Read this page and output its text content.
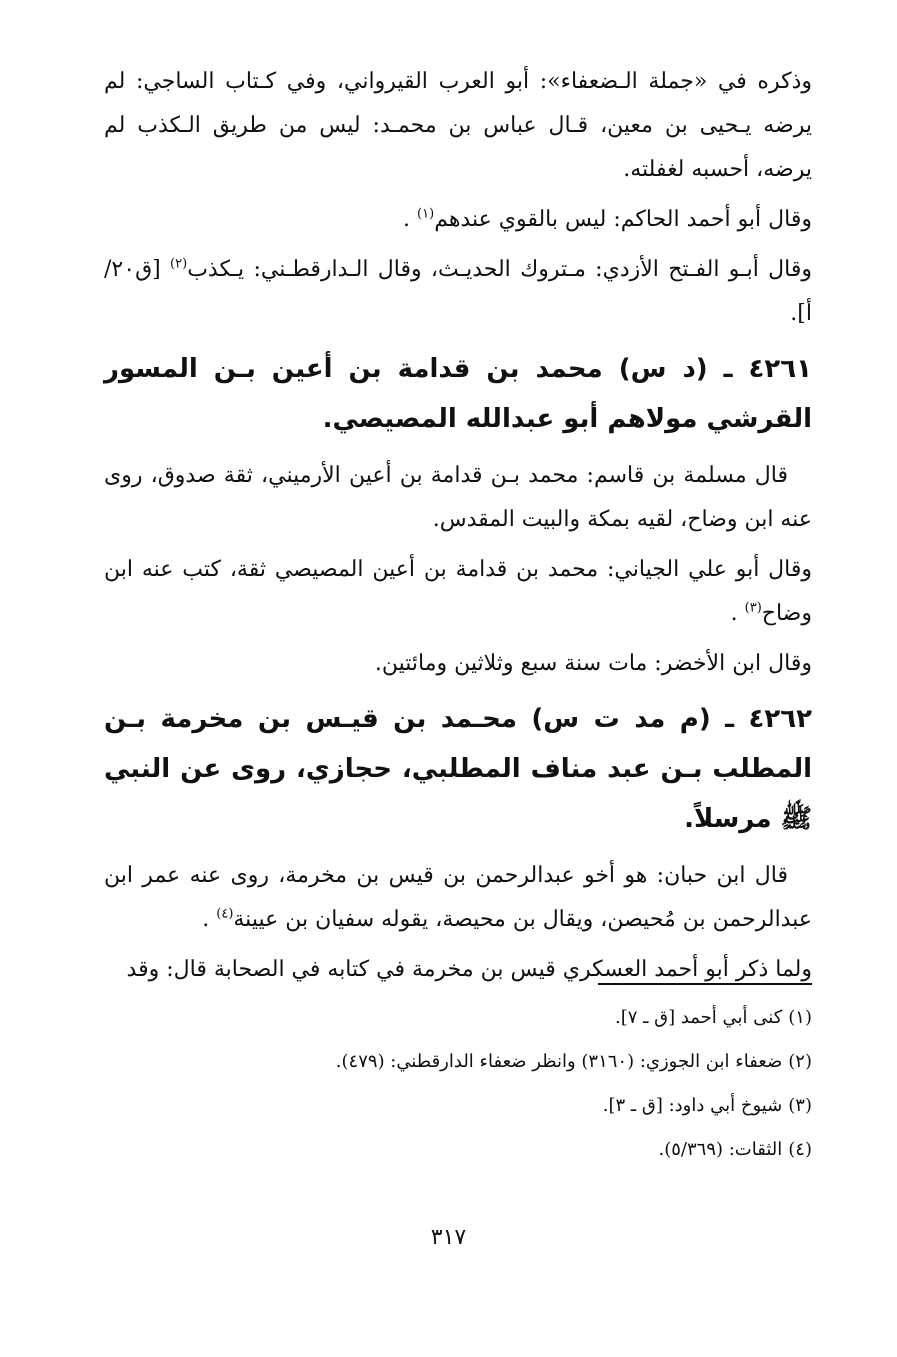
وذكره في «جملة الـضعفاء»: أبو العرب القيرواني، وفي كـتاب الساجي: لم يرضه يـحيى بن معين، قـال عباس بن محمـد: ليس من طريق الـكذب لم يرضه، أحسبه لغفلته.

وقال أبو أحمد الحاكم: ليس بالقوي عندهم$^{(١)}$ .

وقال أبـو الفـتح الأزدي: مـتروك الحديـث، وقال الـدارقطـني: يـكذب$^{(٢)}$ [ق٢٠/أ].

٤٢٦١ ـ (د س) محمد بن قدامة بن أعين بـن المسور القرشي مولاهم أبو عبدالله المصيصي.

قال مسلمة بن قاسم: محمد بـن قدامة بن أعين الأرميني، ثقة صدوق، روى عنه ابن وضاح، لقيه بمكة والبيت المقدس.

وقال أبو علي الجياني: محمد بن قدامة بن أعين المصيصي ثقة، كتب عنه ابن وضاح$^{(٣)}$ .

وقال ابن الأخضر: مات سنة سبع وثلاثين ومائتين.

٤٢٦٢ ـ (م مد ت س) محـمد بن قيـس بن مخرمة بـن المطلب بـن عبد مناف المطلبي، حجازي، روى عن النبي ﷺ مرسلاً.

قال ابن حبان: هو أخو عبدالرحمن بن قيس بن مخرمة، روى عنه عمر ابن عبدالرحمن بن مُحيصن، ويقال بن محيصة، يقوله سفيان بن عيينة$^{(٤)}$ .

ولما ذكر أبو أحمد العسكري قيس بن مخرمة في كتابه في الصحابة قال: وقد

(١)كنى أبي أحمد [ق ـ ٧].

(٢)ضعفاء ابن الجوزي: (٣١٦٠) وانظر ضعفاء الدارقطني: (٤٧٩).

(٣)شيوخ أبي داود: [ق ـ ٣].

(٤)الثقات: (٥/٣٦٩).

٣١٧
